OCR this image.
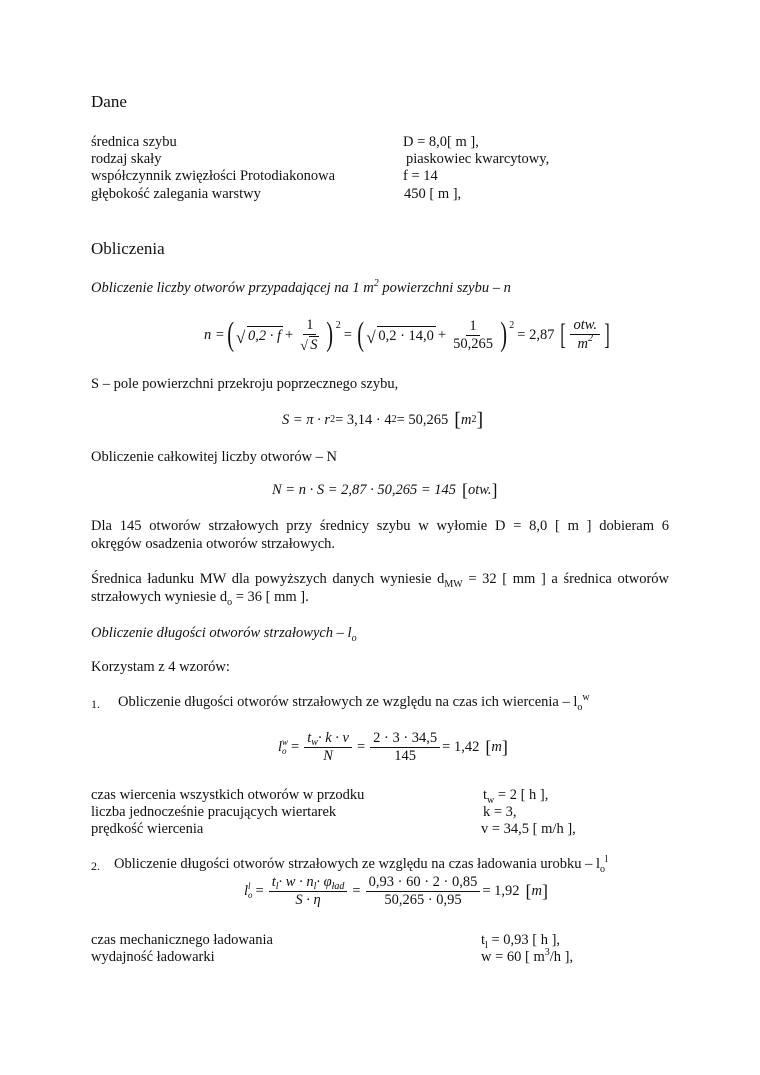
Dane
średnica szybu	D = 8,0[ m ],
rodzaj skały	piaskowiec kwarcytowy,
współczynnik zwięzłości Protodiakonowa	f = 14
głębokość zalegania warstwy	450 [ m ],
Obliczenia
Obliczenie liczby otworów przypadającej na 1 $m^2$ powierzchni szybu – n
n = ( √ $0,2 \cdot f + \frac{1}{√ S}$ ) 2
= ( √ $0,2 \cdot 14,0 + \frac{1}{50,265}$ ) 2
= 2,87 [ $\frac{\text{otw.}}{m^2}$ ]
S – pole powierzchni przekroju poprzecznego szybu,
S = π · r 2 = 3,14 · 4 2 = 50,265 [ m 2 ]
Obliczenie całkowitej liczby otworów – N
N = n · S = 2,87 · 50,265 = 145 [ otw. ]
Dla 145 otworów strzałowych przy średnicy szybu w wyłomie D = 8,0 [ m ] dobieram 6
okręgów osadzenia otworów strzałowych.
Średnica ładunku MW dla powyższych danych wyniesie $d_{MW} = 32$ [ mm ] a średnica otworów
strzałowych wyniesie $d_o = 36$ [ mm ].
Obliczenie długości otworów strzałowych – $l_o$
Korzystam z 4 wzorów:
1. Obliczenie długości otworów strzałowych ze względu na czas ich wiercenia – $l_o^w$
l w
$o = \frac{t_w\cdot k \cdot v}{N} = \frac{2 \cdot 3 \cdot 34,5}{145} = 1,42$ [ m ]
czas wiercenia wszystkich otworów w przodku	$t_w = 2$ [ h ],
liczba jednocześnie pracujących wiertarek	k = 3,
prędkość wiercenia	v = 34,5 [ m/h ],
2. Obliczenie długości otworów strzałowych ze względu na czas ładowania urobku – $l_o^l$
l l
$o = \frac{t_l\cdot w \cdot n_l\cdot \varphi_{ład}}{S \cdot \eta} = \frac{0,93 \cdot 60 \cdot 2 \cdot 0,85}{50,265 \cdot 0,95} = 1,92$ [ m ]
czas mechanicznego ładowania	$t_l = 0,93$ [ h ],
wydajność ładowarki	w = 60 [ $m^3/h$ ],
